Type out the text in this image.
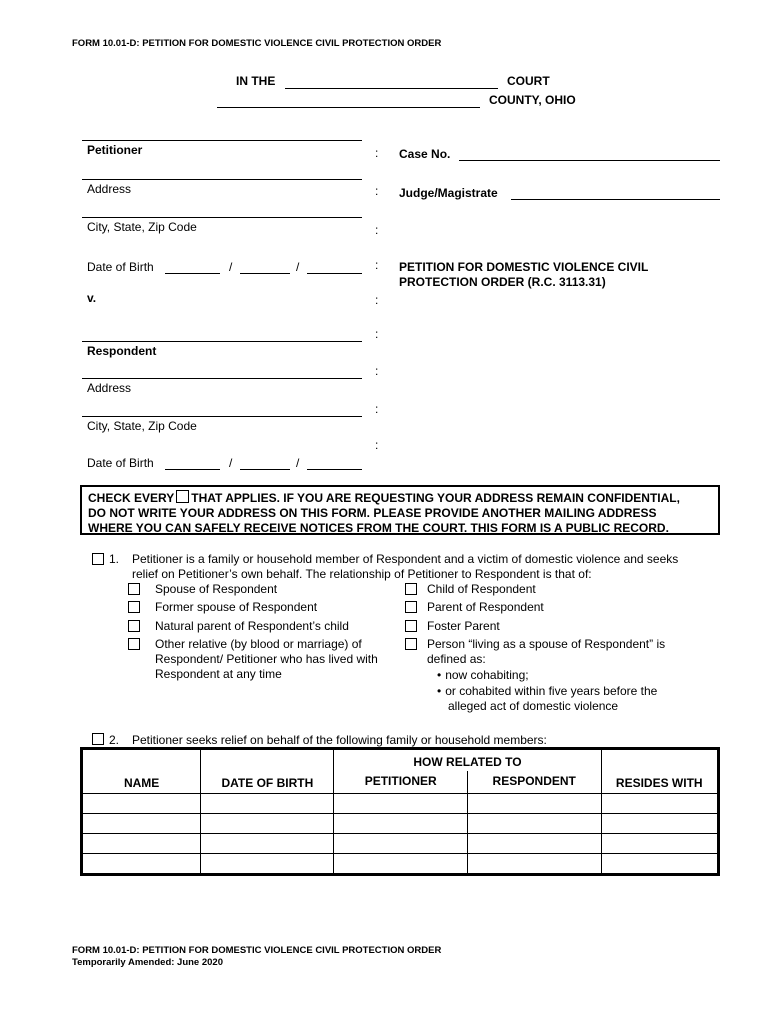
FORM 10.01-D: PETITION FOR DOMESTIC VIOLENCE CIVIL PROTECTION ORDER
IN THE	COURT
COUNTY, OHIO
Petitioner
Address
City, State, Zip Code
Date of Birth	/	/
v.
Respondent
Address
City, State, Zip Code
Date of Birth	/	/
:
:
:
:
:
:
:
:
:
Case No.
Judge/Magistrate
PETITION FOR DOMESTIC VIOLENCE CIVIL
PROTECTION ORDER (R.C. 3113.31)
CHECK EVERY THAT APPLIES. IF YOU ARE REQUESTING YOUR ADDRESS REMAIN CONFIDENTIAL,
DO NOT WRITE YOUR ADDRESS ON THIS FORM. PLEASE PROVIDE ANOTHER MAILING ADDRESS
WHERE YOU CAN SAFELY RECEIVE NOTICES FROM THE COURT. THIS FORM IS A PUBLIC RECORD.
1. Petitioner is a family or household member of Respondent and a victim of domestic violence and seeks
relief on Petitioner’s own behalf. The relationship of Petitioner to Respondent is that of:
Spouse of Respondent
Former spouse of Respondent
Natural parent of Respondent’s child
Other relative (by blood or marriage) of
Respondent/ Petitioner who has lived with
Respondent at any time
Child of Respondent
Parent of Respondent
Foster Parent
Person “living as a spouse of Respondent” is
defined as:
• now cohabiting;
• or cohabited within five years before the
alleged act of domestic violence
2. Petitioner seeks relief on behalf of the following family or household members:
NAME	DATE OF BIRTH	HOW RELATED TO		RESIDES WITH
		PETITIONER	RESPONDENT	

FORM 10.01-D: PETITION FOR DOMESTIC VIOLENCE CIVIL PROTECTION ORDER
Temporarily Amended: June 2020
